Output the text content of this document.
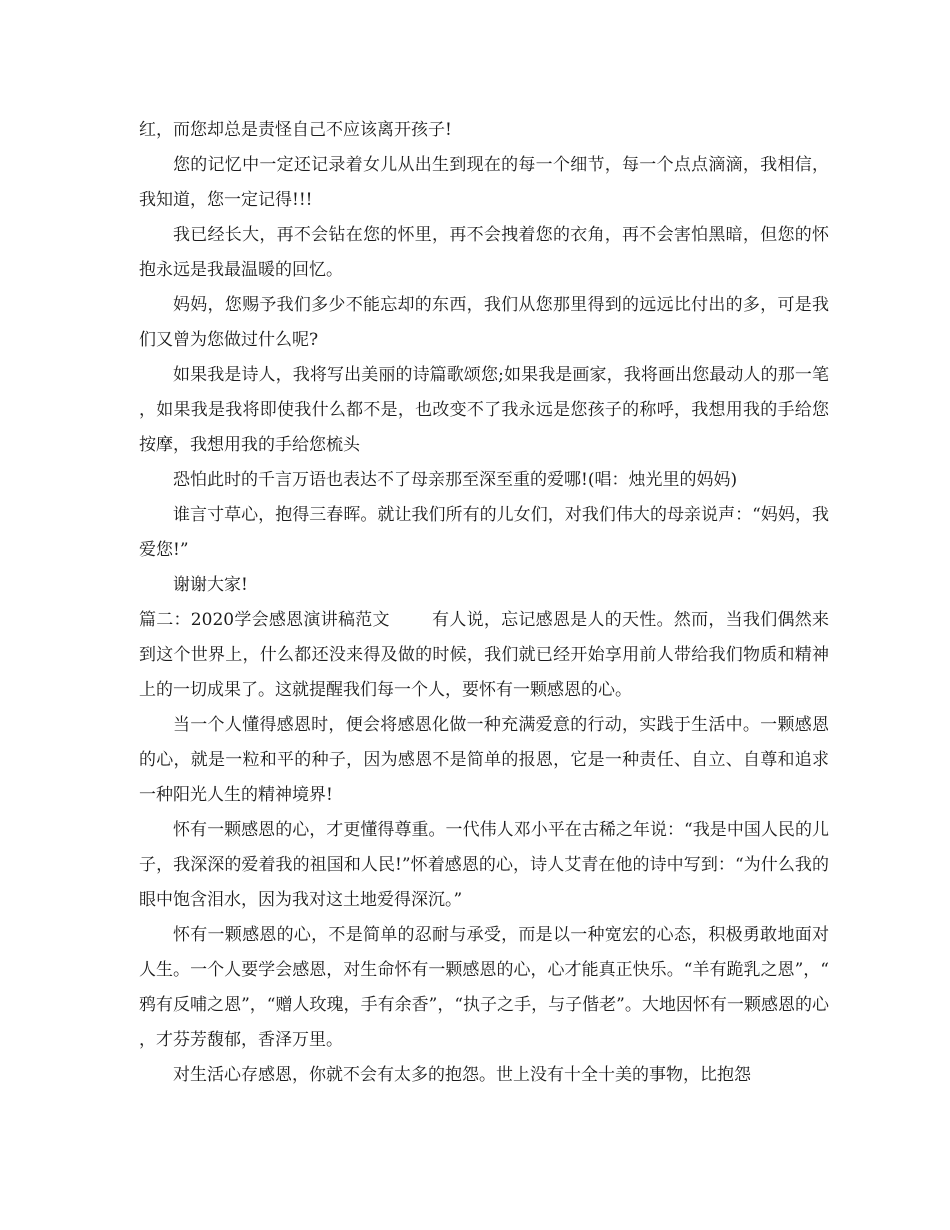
红，而您却总是责怪自己不应该离开孩子!

您的记忆中一定还记录着女儿从出生到现在的每一个细节，每一个点点滴滴，我相信，我知道，您一定记得!!!

我已经长大，再不会钻在您的怀里，再不会拽着您的衣角，再不会害怕黑暗，但您的怀抱永远是我最温暖的回忆。

妈妈，您赐予我们多少不能忘却的东西，我们从您那里得到的远远比付出的多，可是我们又曾为您做过什么呢?

如果我是诗人，我将写出美丽的诗篇歌颂您;如果我是画家，我将画出您最动人的那一笔，如果我是我将即使我什么都不是，也改变不了我永远是您孩子的称呼，我想用我的手给您按摩，我想用我的手给您梳头

恐怕此时的千言万语也表达不了母亲那至深至重的爱哪!(唱：烛光里的妈妈)

谁言寸草心，抱得三春晖。就让我们所有的儿女们，对我们伟大的母亲说声：“妈妈，我爱您!”

谢谢大家!

篇二：2020学会感恩演讲稿范文 有人说，忘记感恩是人的天性。然而，当我们偶然来到这个世界上，什么都还没来得及做的时候，我们就已经开始享用前人带给我们物质和精神上的一切成果了。这就提醒我们每一个人，要怀有一颗感恩的心。

当一个人懂得感恩时，便会将感恩化做一种充满爱意的行动，实践于生活中。一颗感恩的心，就是一粒和平的种子，因为感恩不是简单的报恩，它是一种责任、自立、自尊和追求一种阳光人生的精神境界!

怀有一颗感恩的心，才更懂得尊重。一代伟人邓小平在古稀之年说：“我是中国人民的儿子，我深深的爱着我的祖国和人民!”怀着感恩的心，诗人艾青在他的诗中写到：“为什么我的眼中饱含泪水，因为我对这土地爱得深沉。”

怀有一颗感恩的心，不是简单的忍耐与承受，而是以一种宽宏的心态，积极勇敢地面对人生。一个人要学会感恩，对生命怀有一颗感恩的心，心才能真正快乐。“羊有跪乳之恩”，“鸦有反哺之恩”，“赠人玫瑰，手有余香”，“执子之手，与子偕老”。大地因怀有一颗感恩的心，才芬芳馥郁，香泽万里。

对生活心存感恩，你就不会有太多的抱怨。世上没有十全十美的事物，比抱怨
